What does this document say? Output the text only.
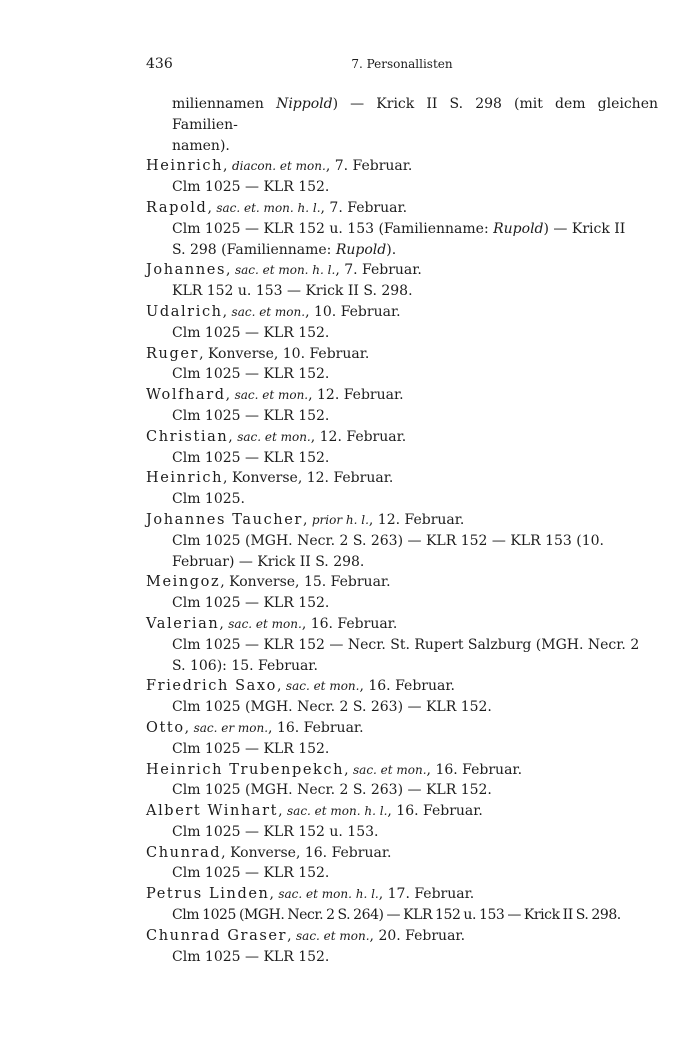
436	7. Personallisten
miliennamen Nippold) — Krick II S. 298 (mit dem gleichen Familien-
namen).
Heinrich, diacon. et mon., 7. Februar.
Clm 1025 — KLR 152.
Rapold, sac. et. mon. h. l., 7. Februar.
Clm 1025 — KLR 152 u. 153 (Familienname: Rupold) — Krick II
S. 298 (Familienname: Rupold).
Johannes, sac. et mon. h. l., 7. Februar.
KLR 152 u. 153 — Krick II S. 298.
Udalrich, sac. et mon., 10. Februar.
Clm 1025 — KLR 152.
Ruger, Konverse, 10. Februar.
Clm 1025 — KLR 152.
Wolfhard, sac. et mon., 12. Februar.
Clm 1025 — KLR 152.
Christian, sac. et mon., 12. Februar.
Clm 1025 — KLR 152.
Heinrich, Konverse, 12. Februar.
Clm 1025.
Johannes Taucher, prior h. l., 12. Februar.
Clm 1025 (MGH. Necr. 2 S. 263) — KLR 152 — KLR 153 (10.
Februar) — Krick II S. 298.
Meingoz, Konverse, 15. Februar.
Clm 1025 — KLR 152.
Valerian, sac. et mon., 16. Februar.
Clm 1025 — KLR 152 — Necr. St. Rupert Salzburg (MGH. Necr. 2
S. 106): 15. Februar.
Friedrich Saxo, sac. et mon., 16. Februar.
Clm 1025 (MGH. Necr. 2 S. 263) — KLR 152.
Otto, sac. er mon., 16. Februar.
Clm 1025 — KLR 152.
Heinrich Trubenpekch, sac. et mon., 16. Februar.
Clm 1025 (MGH. Necr. 2 S. 263) — KLR 152.
Albert Winhart, sac. et mon. h. l., 16. Februar.
Clm 1025 — KLR 152 u. 153.
Chunrad, Konverse, 16. Februar.
Clm 1025 — KLR 152.
Petrus Linden, sac. et mon. h. l., 17. Februar.
Clm 1025 (MGH. Necr. 2 S. 264) — KLR 152 u. 153 — Krick II S. 298.
Chunrad Graser, sac. et mon., 20. Februar.
Clm 1025 — KLR 152.
